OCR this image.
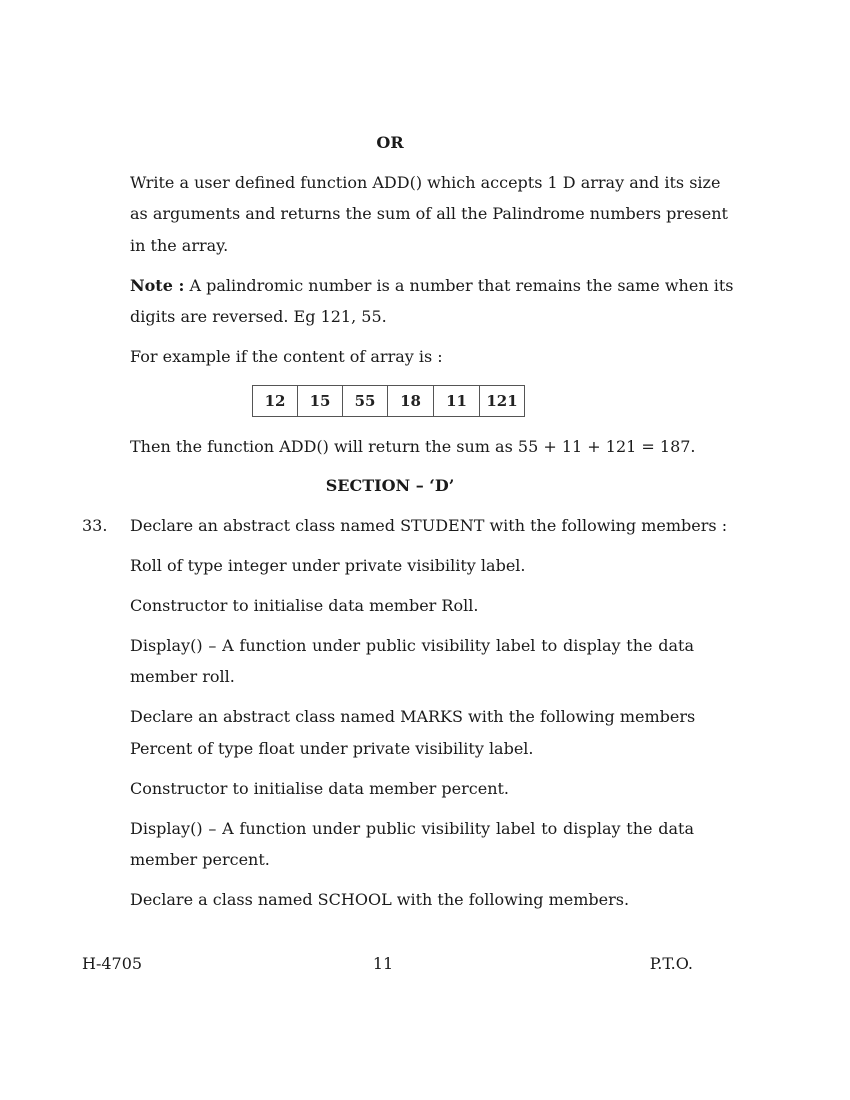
OR
Write a user defined function ADD() which accepts 1 D array and its size
as arguments and returns the sum of all the Palindrome numbers present
in the array.
Note : A palindromic number is a number that remains the same when its
digits are reversed. Eg 121, 55.
For example if the content of array is :
12	15	55	18	11	121
Then the function ADD() will return the sum as 55 + 11 + 121 = 187.
SECTION – ‘D’
33. Declare an abstract class named STUDENT with the following members :
Roll of type integer under private visibility label.
Constructor to initialise data member Roll.
Display() – A function under public visibility label to display the data
member roll.
Declare an abstract class named MARKS with the following members
Percent of type float under private visibility label.
Constructor to initialise data member percent.
Display() – A function under public visibility label to display the data
member percent.
Declare a class named SCHOOL with the following members.
H-4705	11	P.T.O.
